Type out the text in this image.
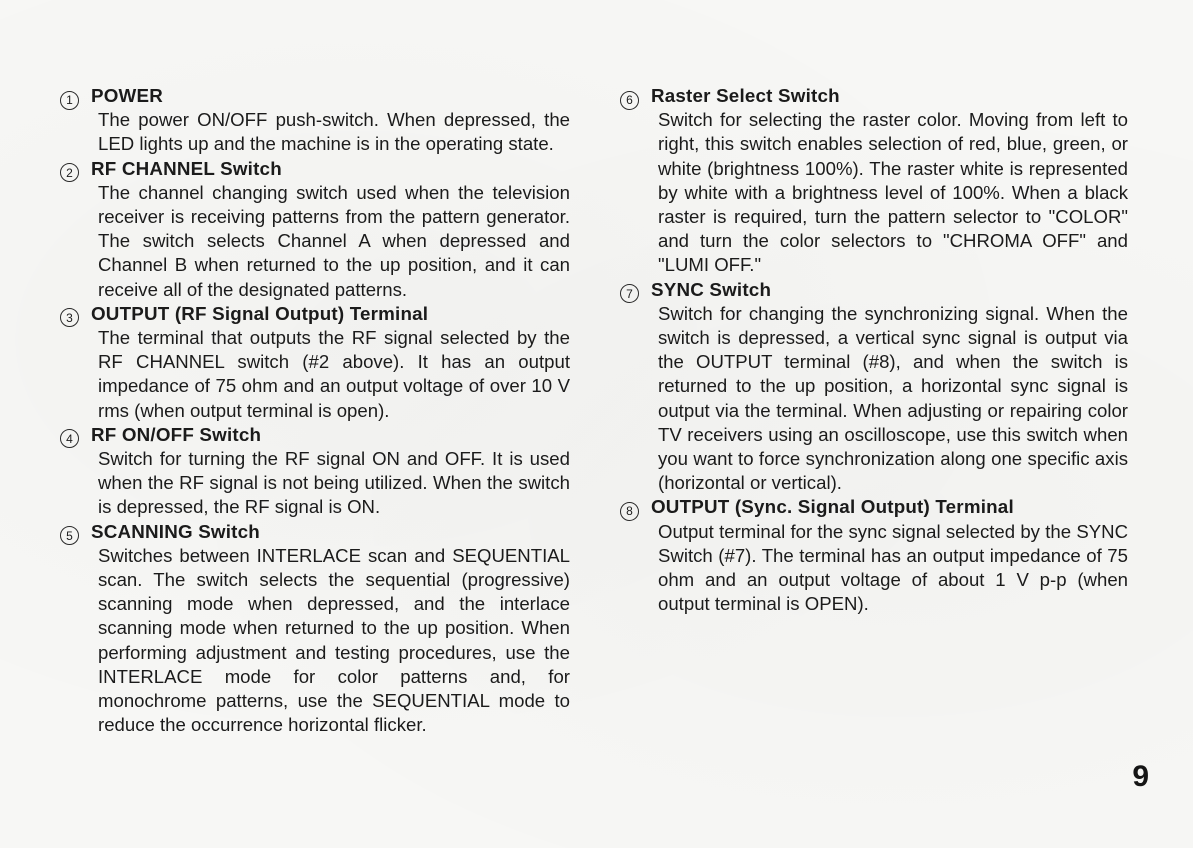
1 POWER
The power ON/OFF push-switch. When depressed, the LED lights up and the machine is in the operating state.
2 RF CHANNEL Switch
The channel changing switch used when the television receiver is receiving patterns from the pattern generator. The switch selects Channel A when depressed and Channel B when returned to the up position, and it can receive all of the designated patterns.
3 OUTPUT (RF Signal Output) Terminal
The terminal that outputs the RF signal selected by the RF CHANNEL switch (#2 above). It has an output impedance of 75 ohm and an output voltage of over 10 V rms (when output terminal is open).
4 RF ON/OFF Switch
Switch for turning the RF signal ON and OFF. It is used when the RF signal is not being utilized. When the switch is depressed, the RF signal is ON.
5 SCANNING Switch
Switches between INTERLACE scan and SEQUENTIAL scan. The switch selects the sequential (progressive) scanning mode when depressed, and the interlace scanning mode when returned to the up position. When performing adjustment and testing procedures, use the INTERLACE mode for color patterns and, for monochrome patterns, use the SEQUENTIAL mode to reduce the occurrence horizontal flicker.
6 Raster Select Switch
Switch for selecting the raster color. Moving from left to right, this switch enables selection of red, blue, green, or white (brightness 100%). The raster white is represented by white with a brightness level of 100%. When a black raster is required, turn the pattern selector to "COLOR" and turn the color selectors to "CHROMA OFF" and "LUMI OFF."
7 SYNC Switch
Switch for changing the synchronizing signal. When the switch is depressed, a vertical sync signal is output via the OUTPUT terminal (#8), and when the switch is returned to the up position, a horizontal sync signal is output via the terminal. When adjusting or repairing color TV receivers using an oscilloscope, use this switch when you want to force synchronization along one specific axis (horizontal or vertical).
8 OUTPUT (Sync. Signal Output) Terminal
Output terminal for the sync signal selected by the SYNC Switch (#7). The terminal has an output impedance of 75 ohm and an output voltage of about 1 V p-p (when output terminal is OPEN).
9
